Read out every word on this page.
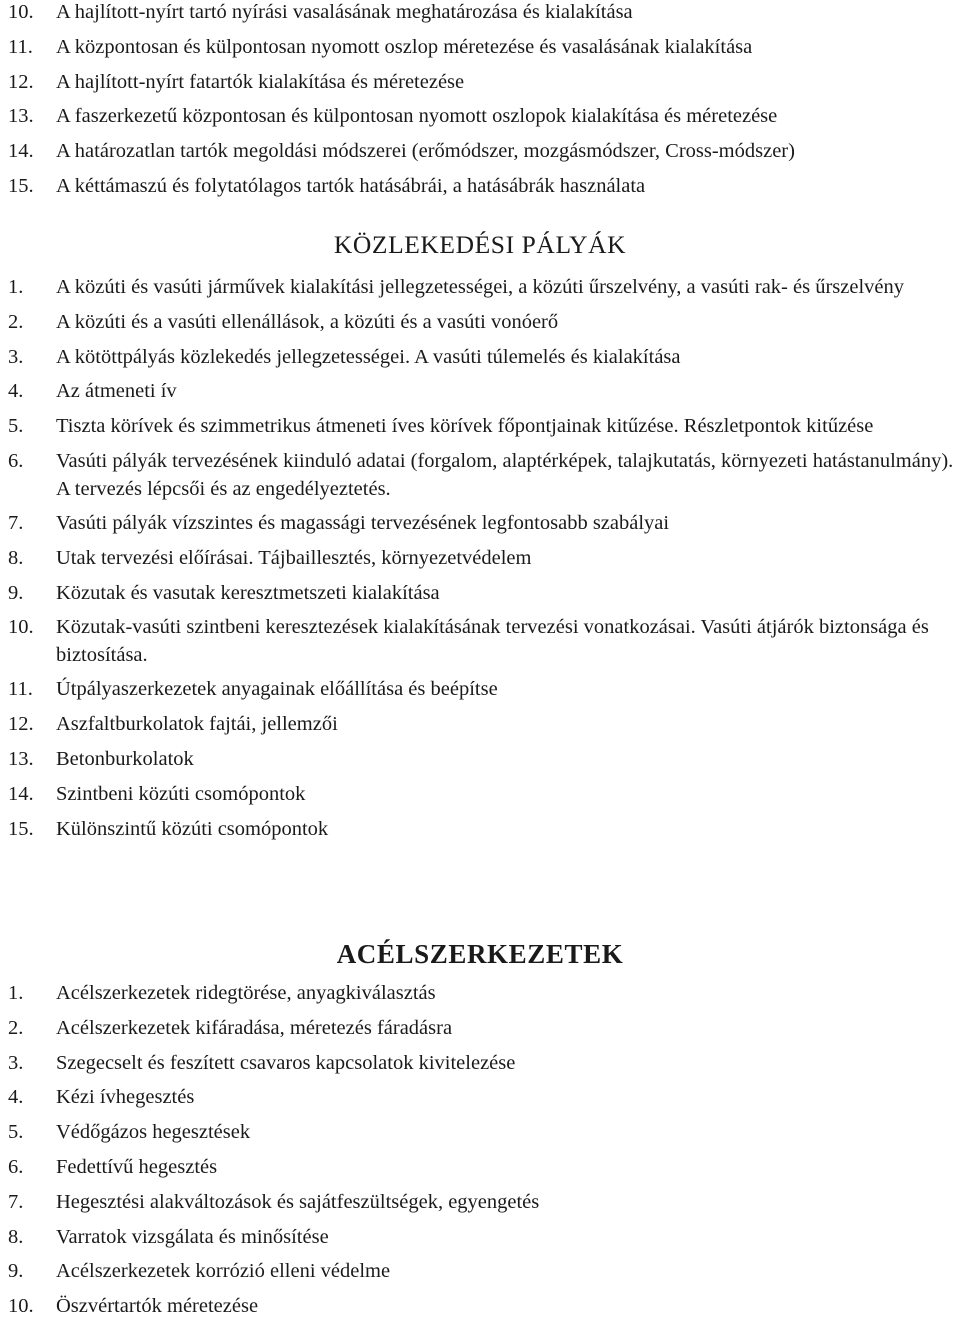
10.	A hajlított-nyírt tartó nyírási vasalásának meghatározása és kialakítása
11.	A központosan és külpontosan nyomott oszlop méretezése és vasalásának kialakítása
12.	A hajlított-nyírt fatartók kialakítása és méretezése
13.	A faszerkezetű központosan és külpontosan nyomott oszlopok kialakítása és méretezése
14.	A határozatlan tartók megoldási módszerei (erőmódszer, mozgásmódszer, Cross-módszer)
15.	A kéttámaszú és folytatólagos tartók hatásábrái, a hatásábrák használata
KÖZLEKEDÉSI PÁLYÁK
1.	A közúti és vasúti járművek kialakítási jellegzetességei, a közúti űrszelvény, a vasúti rak- és űrszelvény
2.	A közúti és a vasúti ellenállások, a közúti és a vasúti vonóerő
3.	A kötöttpályás közlekedés jellegzetességei. A vasúti túlemelés és kialakítása
4.	Az átmeneti ív
5.	Tiszta körívek és szimmetrikus átmeneti íves körívek főpontjainak kitűzése. Részletpontok kitűzése
6.	Vasúti pályák tervezésének kiinduló adatai (forgalom, alaptérképek, talajkutatás, környezeti hatástanulmány). A tervezés lépcsői és az engedélyeztetés.
7.	Vasúti pályák vízszintes és magassági tervezésének legfontosabb szabályai
8.	Utak tervezési előírásai. Tájbaillesztés, környezetvédelem
9.	Közutak és vasutak keresztmetszeti kialakítása
10.	Közutak-vasúti szintbeni keresztezések kialakításának tervezési vonatkozásai. Vasúti átjárók biztonsága és biztosítása.
11.	Útpályaszerkezetek anyagainak előállítása és beépítse
12.	Aszfaltburkolatok fajtái, jellemzői
13.	Betonburkolatok
14.	Szintbeni közúti csomópontok
15.	Különszintű közúti csomópontok
ACÉLSZERKEZETEK
1.	Acélszerkezetek ridegtörése, anyagkiválasztás
2.	Acélszerkezetek kifáradása, méretezés fáradásra
3.	Szegecselt és feszített csavaros kapcsolatok kivitelezése
4.	Kézi ívhegesztés
5.	Védőgázos hegesztések
6.	Fedettívű hegesztés
7.	Hegesztési alakváltozások és sajátfeszültségek, egyengetés
8.	Varratok vizsgálata és minősítése
9.	Acélszerkezetek korrózió elleni védelme
10.	Öszvértartók méretezése
